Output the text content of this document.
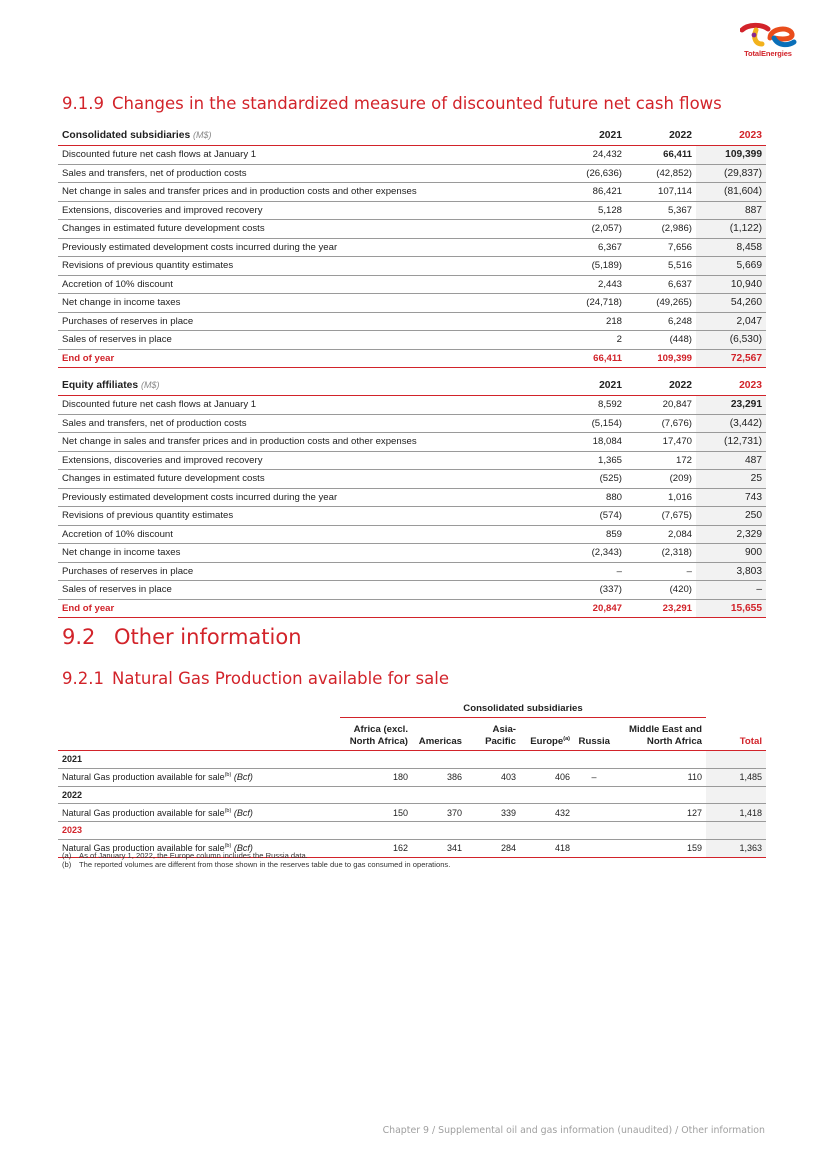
TotalEnergies
9.1.9 Changes in the standardized measure of discounted future net cash flows
Consolidated subsidiaries (M$)	2021	2022	2023
Discounted future net cash flows at January 1	24,432	66,411	109,399
Sales and transfers, net of production costs	(26,636)	(42,852)	(29,837)
Net change in sales and transfer prices and in production costs and other expenses	86,421	107,114	(81,604)
Extensions, discoveries and improved recovery	5,128	5,367	887
Changes in estimated future development costs	(2,057)	(2,986)	(1,122)
Previously estimated development costs incurred during the year	6,367	7,656	8,458
Revisions of previous quantity estimates	(5,189)	5,516	5,669
Accretion of 10% discount	2,443	6,637	10,940
Net change in income taxes	(24,718)	(49,265)	54,260
Purchases of reserves in place	218	6,248	2,047
Sales of reserves in place	2	(448)	(6,530)
End of year	66,411	109,399	72,567
Equity affiliates (M$)	2021	2022	2023
Discounted future net cash flows at January 1	8,592	20,847	23,291
Sales and transfers, net of production costs	(5,154)	(7,676)	(3,442)
Net change in sales and transfer prices and in production costs and other expenses	18,084	17,470	(12,731)
Extensions, discoveries and improved recovery	1,365	172	487
Changes in estimated future development costs	(525)	(209)	25
Previously estimated development costs incurred during the year	880	1,016	743
Revisions of previous quantity estimates	(574)	(7,675)	250
Accretion of 10% discount	859	2,084	2,329
Net change in income taxes	(2,343)	(2,318)	900
Purchases of reserves in place	–	–	3,803
Sales of reserves in place	(337)	(420)	–
End of year	20,847	23,291	15,655
9.2 Other information
9.2.1 Natural Gas Production available for sale
	Consolidated subsidiaries						
	Africa (excl.
North Africa)	Americas	Asia-
Pacific	Europe$^{(a)}$	Russia	Middle East and
North Africa	Total
2021							
Natural Gas production available for sale$^{(b)}$ (Bcf)	180	386	403	406	–	110	1,485
2022							
Natural Gas production available for sale$^{(b)}$ (Bcf)	150	370	339	432		127	1,418
2023							
Natural Gas production available for sale$^{(b)}$ (Bcf)	162	341	284	418		159	1,363
(a) As of January 1, 2022, the Europe column includes the Russia data.
(b) The reported volumes are different from those shown in the reserves table due to gas consumed in operations.
Chapter 9 / Supplemental oil and gas information (unaudited) / Other information
